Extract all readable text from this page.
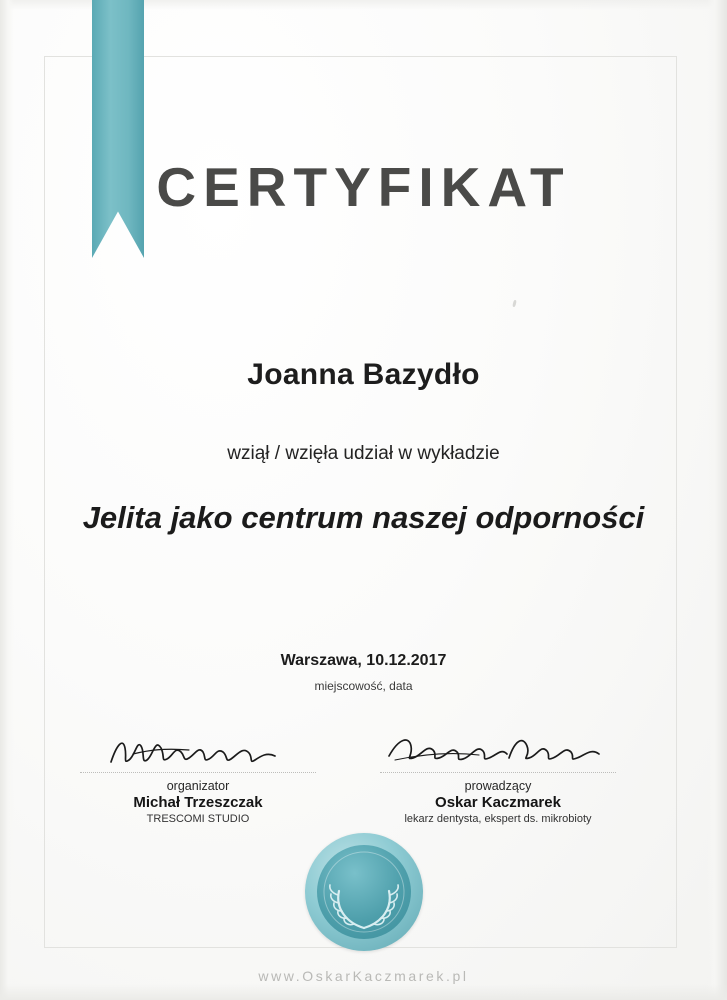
CERTYFIKAT
Joanna Bazydło
wziął / wzięła udział w wykładzie
Jelita jako centrum naszej odporności
Warszawa, 10.12.2017
miejscowość, data
organizator
Michał Trzeszczak
TRESCOMI STUDIO
prowadzący
Oskar Kaczmarek
lekarz dentysta, ekspert ds. mikrobioty
www.OskarKaczmarek.pl
